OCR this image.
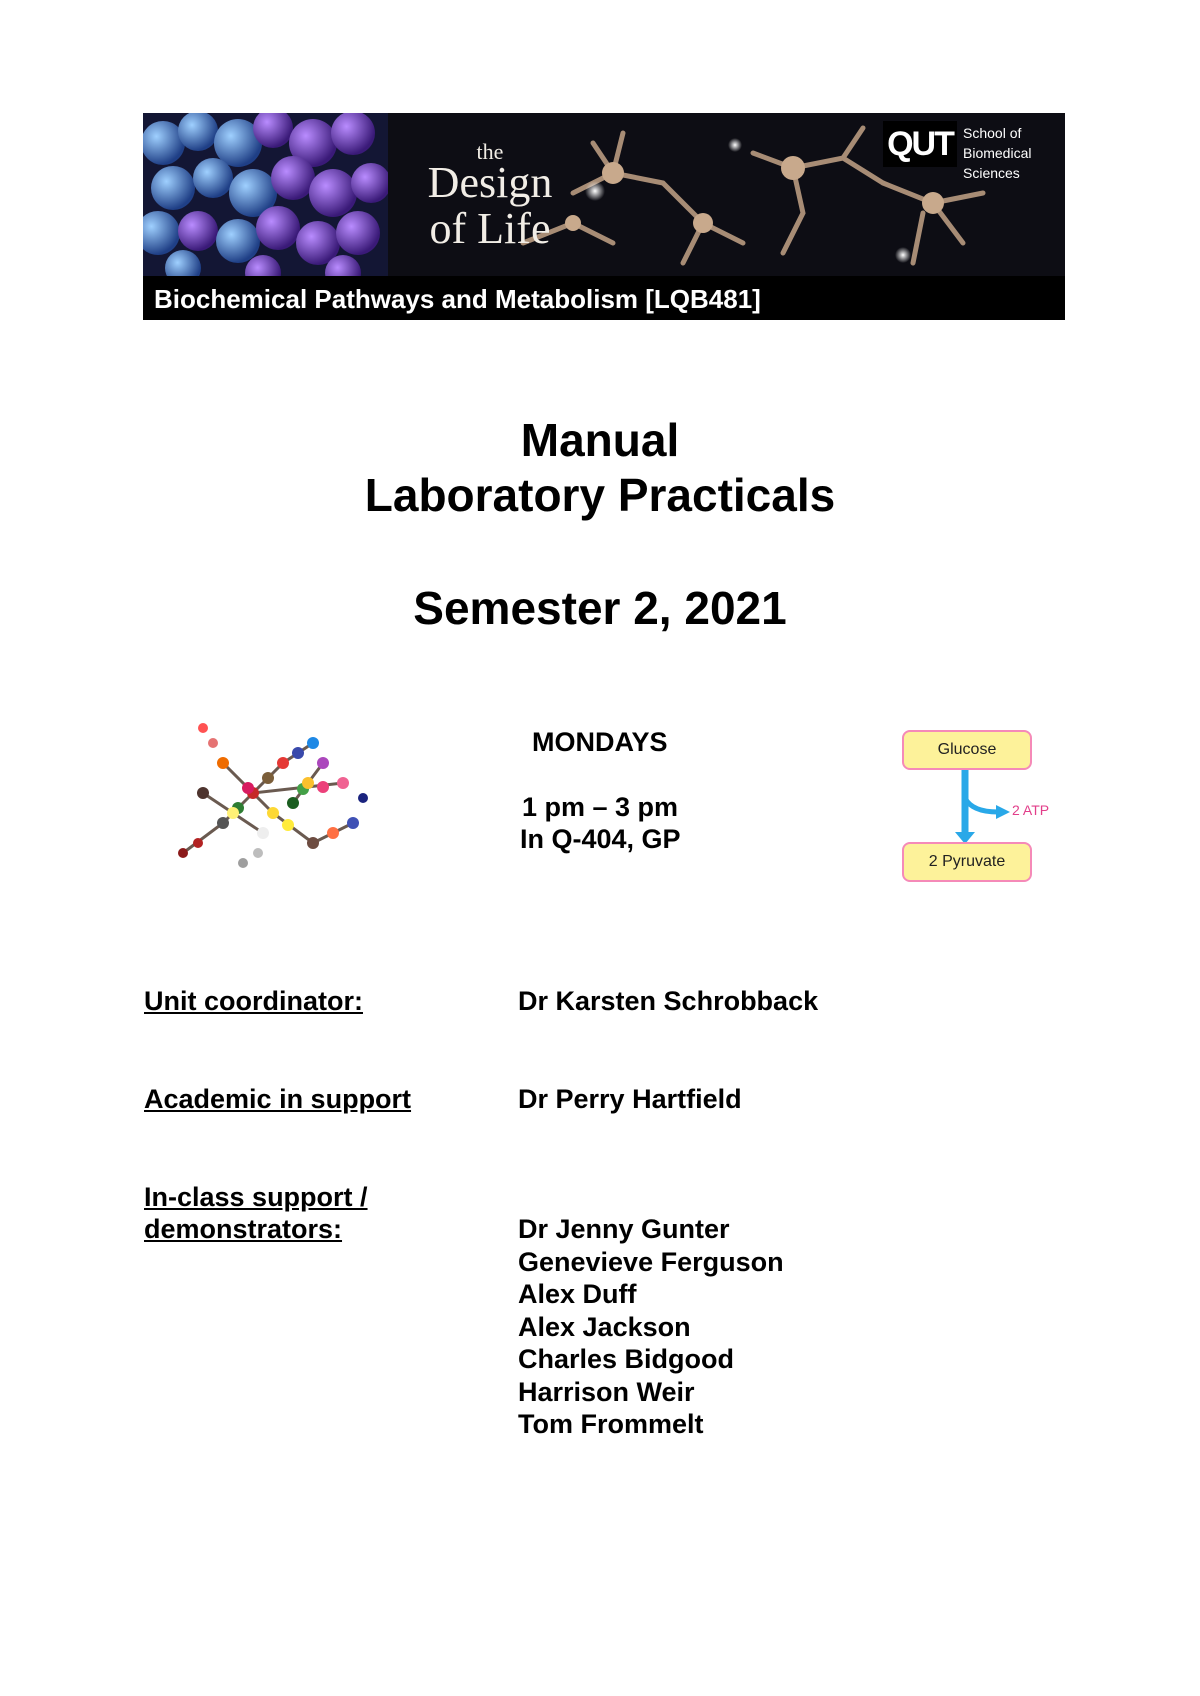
the
Design
of Life
QUT School of
Biomedical
Sciences
Biochemical Pathways and Metabolism [LQB481]
Manual
Laboratory Practicals
Semester 2, 2021
MONDAYS
1 pm – 3 pm
In Q-404, GP
Glucose
2 ATP
2 Pyruvate
Unit coordinator:	Dr Karsten Schrobback
Academic in support	Dr Perry Hartfield
In-class support /
demonstrators:	Dr Jenny Gunter
Genevieve Ferguson
Alex Duff
Alex Jackson
Charles Bidgood
Harrison Weir
Tom Frommelt
